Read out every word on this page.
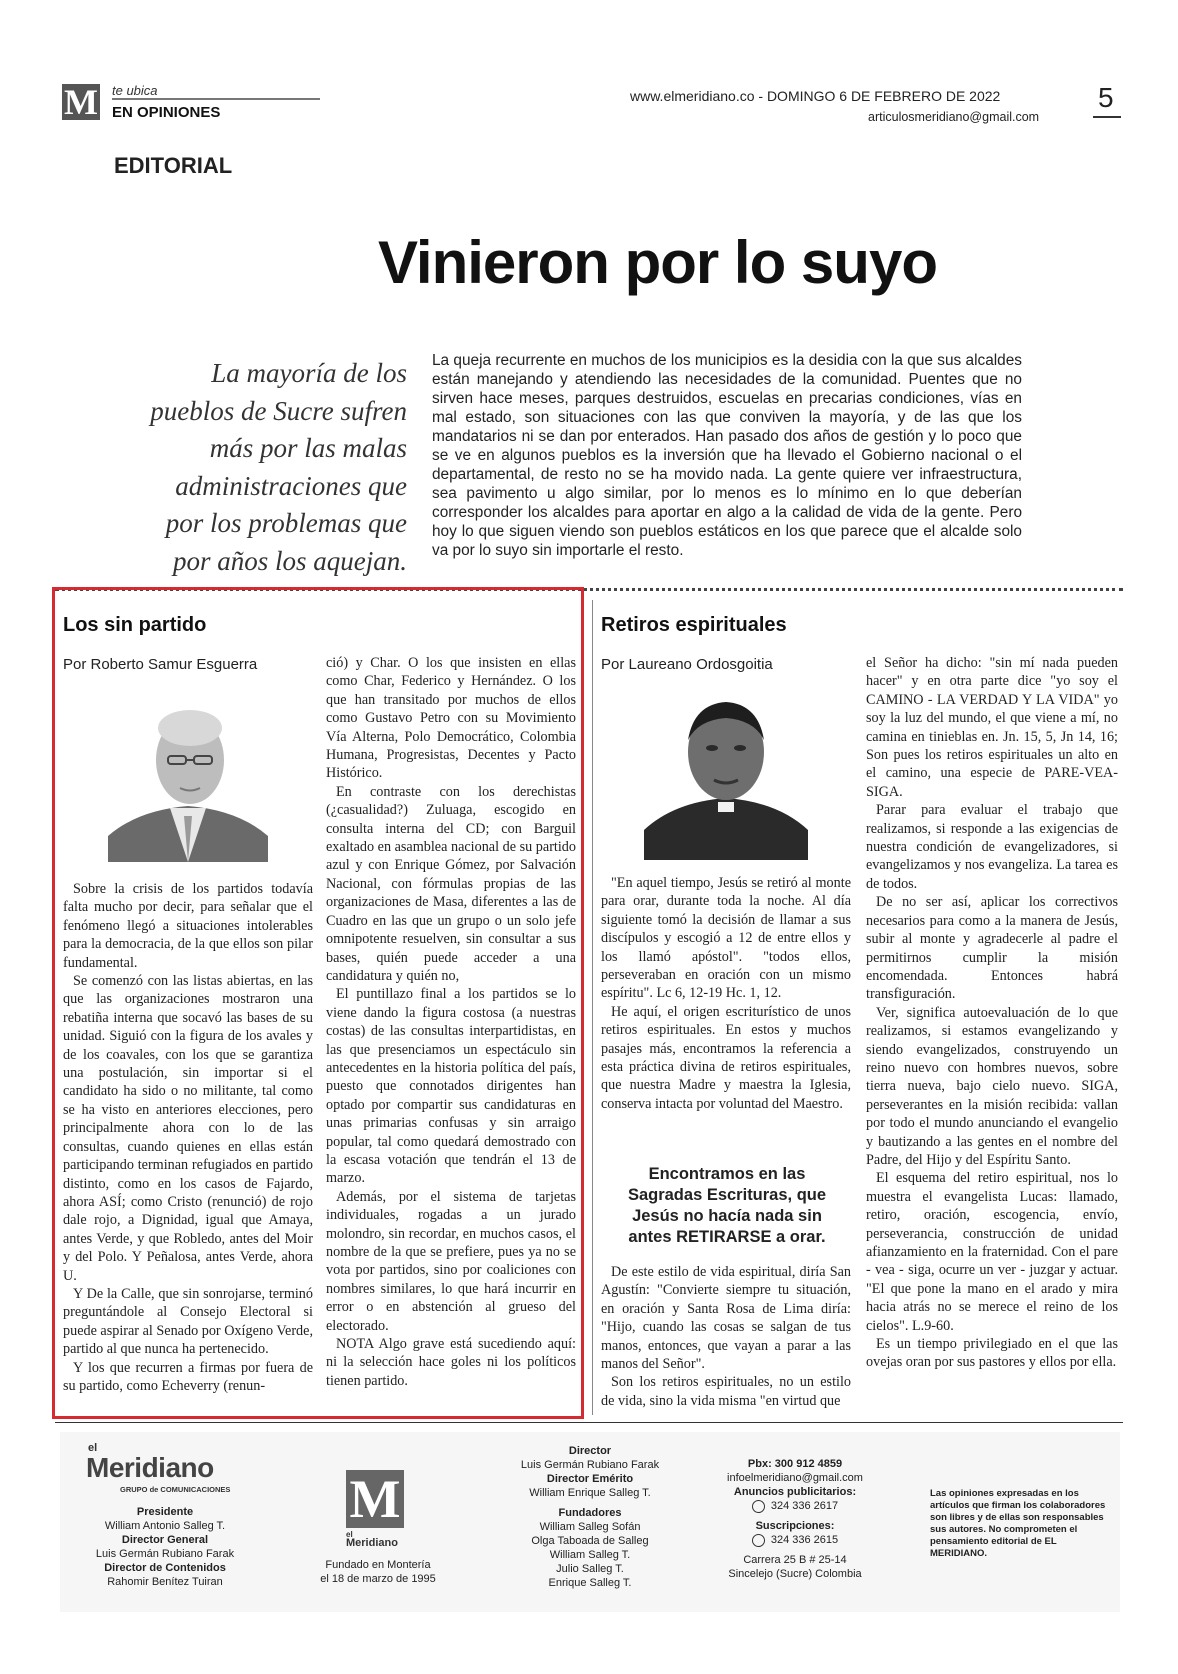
M te ubica
EN OPINIONES
EDITORIAL
www.elmeridiano.co - DOMINGO 6 DE FEBRERO DE 2022
articulosmeridiano@gmail.com
5
Vinieron por lo suyo
La mayoría de los pueblos de Sucre sufren más por las malas administraciones que por los problemas que por años los aquejan.
La queja recurrente en muchos de los municipios es la desidia con la que sus alcaldes están manejando y atendiendo las necesidades de la comunidad. Puentes que no sirven hace meses, parques destruidos, escuelas en precarias condiciones, vías en mal estado, son situaciones con las que conviven la mayoría, y de las que los mandatarios ni se dan por enterados. Han pasado dos años de gestión y lo poco que se ve en algunos pueblos es la inversión que ha llevado el Gobierno nacional o el departamental, de resto no se ha movido nada. La gente quiere ver infraestructura, sea pavimento u algo similar, por lo menos es lo mínimo en lo que deberían corresponder los alcaldes para aportar en algo a la calidad de vida de la gente. Pero hoy lo que siguen viendo son pueblos estáticos en los que parece que el alcalde solo va por lo suyo sin importarle el resto.
Los sin partido
Por Roberto Samur Esguerra

Sobre la crisis de los partidos todavía falta mucho por decir, para señalar que el fenómeno llegó a situaciones intolerables para la democracia, de la que ellos son pilar fundamental.

Se comenzó con las listas abiertas, en las que las organizaciones mostraron una rebatiña interna que socavó las bases de su unidad. Siguió con la figura de los avales y de los coavales, con los que se garantiza una postulación, sin importar si el candidato ha sido o no militante, tal como se ha visto en anteriores elecciones, pero principalmente ahora con lo de las consultas, cuando quienes en ellas están participando terminan refugiados en partido distinto, como en los casos de Fajardo, ahora ASÍ; como Cristo (renunció) de rojo dale rojo, a Dignidad, igual que Amaya, antes Verde, y que Robledo, antes del Moir y del Polo. Y Peñalosa, antes Verde, ahora U.

Y De la Calle, que sin sonrojarse, terminó preguntándole al Consejo Electoral si puede aspirar al Senado por Oxígeno Verde, partido al que nunca ha pertenecido.

Y los que recurren a firmas por fuera de su partido, como Echeverry (renun-

ció) y Char. O los que insisten en ellas como Char, Federico y Hernández. O los que han transitado por muchos de ellos como Gustavo Petro con su Movimiento Vía Alterna, Polo Democrático, Colombia Humana, Progresistas, Decentes y Pacto Histórico.

En contraste con los derechistas (¿casualidad?) Zuluaga, escogido en consulta interna del CD; con Barguil exaltado en asamblea nacional de su partido azul y con Enrique Gómez, por Salvación Nacional, con fórmulas propias de las organizaciones de Masa, diferentes a las de Cuadro en las que un grupo o un solo jefe omnipotente resuelven, sin consultar a sus bases, quién puede acceder a una candidatura y quién no,

El puntillazo final a los partidos se lo viene dando la figura costosa (a nuestras costas) de las consultas interpartidistas, en las que presenciamos un espectáculo sin antecedentes en la historia política del país, puesto que connotados dirigentes han optado por compartir sus candidaturas en unas primarias confusas y sin arraigo popular, tal como quedará demostrado con la escasa votación que tendrán el 13 de marzo.

Además, por el sistema de tarjetas individuales, rogadas a un jurado molondro, sin recordar, en muchos casos, el nombre de la que se prefiere, pues ya no se vota por partidos, sino por coaliciones con nombres similares, lo que hará incurrir en error o en abstención al grueso del electorado.

NOTA Algo grave está sucediendo aquí: ni la selección hace goles ni los políticos tienen partido.

Retiros espirituales
Por Laureano Ordosgoitia

"En aquel tiempo, Jesús se retiró al monte para orar, durante toda la noche. Al día siguiente tomó la decisión de llamar a sus discípulos y escogió a 12 de entre ellos y los llamó apóstol". "todos ellos, perseveraban en oración con un mismo espíritu". Lc 6, 12-19 Hc. 1, 12.

He aquí, el origen escriturístico de unos retiros espirituales. En estos y muchos pasajes más, encontramos la referencia a esta práctica divina de retiros espirituales, que nuestra Madre y maestra la Iglesia, conserva intacta por voluntad del Maestro.

Encontramos en las Sagradas Escrituras, que Jesús no hacía nada sin antes RETIRARSE a orar.

De este estilo de vida espiritual, diría San Agustín: "Convierte siempre tu situación, en oración y Santa Rosa de Lima diría: "Hijo, cuando las cosas se salgan de tus manos, entonces, que vayan a parar a las manos del Señor".

Son los retiros espirituales, no un estilo de vida, sino la vida misma "en virtud que

el Señor ha dicho: "sin mí nada pueden hacer" y en otra parte dice "yo soy el CAMINO - LA VERDAD Y LA VIDA" yo soy la luz del mundo, el que viene a mí, no camina en tinieblas en. Jn. 15, 5, Jn 14, 16; Son pues los retiros espirituales un alto en el camino, una especie de PARE-VEA-SIGA.

Parar para evaluar el trabajo que realizamos, si responde a las exigencias de nuestra condición de evangelizadores, si evangelizamos y nos evangeliza. La tarea es de todos.

De no ser así, aplicar los correctivos necesarios para como a la manera de Jesús, subir al monte y agradecerle al padre el permitirnos cumplir la misión encomendada. Entonces habrá transfiguración.

Ver, significa autoevaluación de lo que realizamos, si estamos evangelizando y siendo evangelizados, construyendo un reino nuevo con hombres nuevos, sobre tierra nueva, bajo cielo nuevo. SIGA, perseverantes en la misión recibida: vallan por todo el mundo anunciando el evangelio y bautizando a las gentes en el nombre del Padre, del Hijo y del Espíritu Santo.

El esquema del retiro espiritual, nos lo muestra el evangelista Lucas: llamado, retiro, oración, escogencia, envío, perseverancia, construcción de unidad afianzamiento en la fraternidad. Con el pare - vea - siga, ocurre un ver - juzgar y actuar. "El que pone la mano en el arado y mira hacia atrás no se merece el reino de los cielos". L.9-60.

Es un tiempo privilegiado en el que las ovejas oran por sus pastores y ellos por ella.

el
Meridiano
GRUPO de COMUNICACIONES
Presidente
William Antonio Salleg T.
Director General
Luis Germán Rubiano Farak
Director de Contenidos
Rahomir Benítez Tuiran
M
el
Meridiano
Fundado en Montería
el 18 de marzo de 1995
Director
Luis Germán Rubiano Farak
Director Emérito
William Enrique Salleg T.
Fundadores
William Salleg Sofán
Olga Taboada de Salleg
William Salleg T.
Julio Salleg T.
Enrique Salleg T.
Pbx: 300 912 4859
infoelmeridiano@gmail.com
Anuncios publicitarios:
324 336 2617
Suscripciones:
324 336 2615
Carrera 25 B # 25-14
Sincelejo (Sucre) Colombia
Las opiniones expresadas en los artículos que firman los colaboradores son libres y de ellas son responsables sus autores. No comprometen el pensamiento editorial de EL MERIDIANO.
